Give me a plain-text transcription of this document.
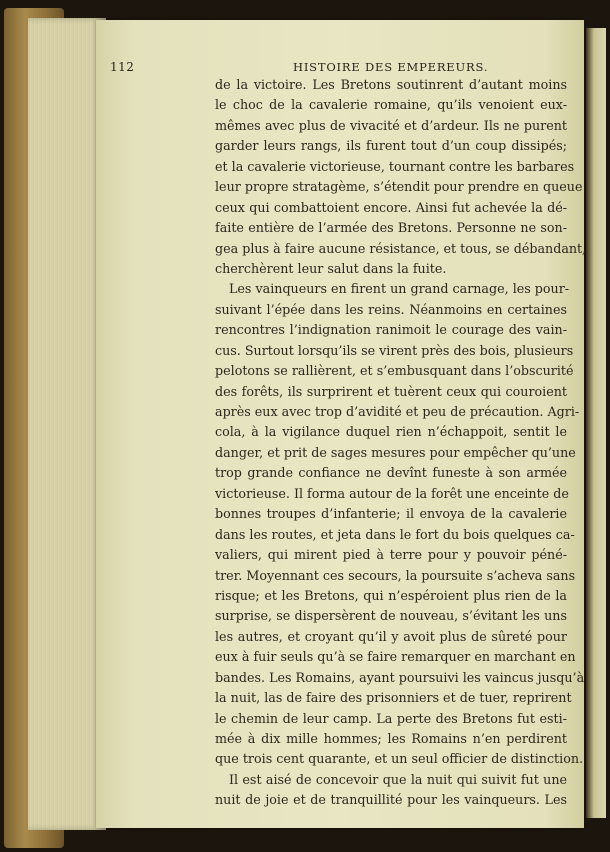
112	HISTOIRE DES EMPEREURS.
de la victoire. Les Bretons soutinrent d’autant moins
le choc de la cavalerie romaine, qu’ils venoient eux-
mêmes avec plus de vivacité et d’ardeur. Ils ne purent
garder leurs rangs, ils furent tout d’un coup dissipés;
et la cavalerie victorieuse, tournant contre les barbares
leur propre stratagème, s’étendit pour prendre en queue
ceux qui combattoient encore. Ainsi fut achevée la dé-
faite entière de l’armée des Bretons. Personne ne son-
gea plus à faire aucune résistance, et tous, se débandant,
cherchèrent leur salut dans la fuite.
Les vainqueurs en firent un grand carnage, les pour-
suivant l’épée dans les reins. Néanmoins en certaines
rencontres l’indignation ranimoit le courage des vain-
cus. Surtout lorsqu’ils se virent près des bois, plusieurs
pelotons se rallièrent, et s’embusquant dans l’obscurité
des forêts, ils surprirent et tuèrent ceux qui couroient
après eux avec trop d’avidité et peu de précaution. Agri-
cola, à la vigilance duquel rien n’échappoit, sentit le
danger, et prit de sages mesures pour empêcher qu’une
trop grande confiance ne devînt funeste à son armée
victorieuse. Il forma autour de la forêt une enceinte de
bonnes troupes d’infanterie; il envoya de la cavalerie
dans les routes, et jeta dans le fort du bois quelques ca-
valiers, qui mirent pied à terre pour y pouvoir péné-
trer. Moyennant ces secours, la poursuite s’acheva sans
risque; et les Bretons, qui n’espéroient plus rien de la
surprise, se dispersèrent de nouveau, s’évitant les uns
les autres, et croyant qu’il y avoit plus de sûreté pour
eux à fuir seuls qu’à se faire remarquer en marchant en
bandes. Les Romains, ayant poursuivi les vaincus jusqu’à
la nuit, las de faire des prisonniers et de tuer, reprirent
le chemin de leur camp. La perte des Bretons fut esti-
mée à dix mille hommes; les Romains n’en perdirent
que trois cent quarante, et un seul officier de distinction.
Il est aisé de concevoir que la nuit qui suivit fut une
nuit de joie et de tranquillité pour les vainqueurs. Les
